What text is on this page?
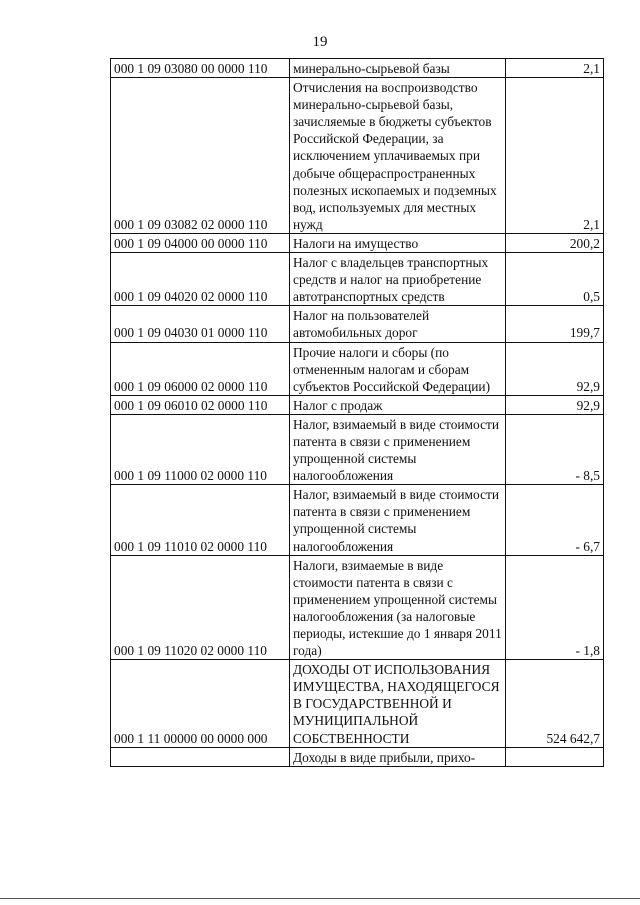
19
000 1 09 03080 00 0000 110	минерально-сырьевой базы	2,1
000 1 09 03082 02 0000 110	Отчисления на воспроизводство минерально-сырьевой базы, зачисляемые в бюджеты субъектов Российской Федерации, за исключением уплачиваемых при добыче общераспространенных полезных ископаемых и подземных вод, используемых для местных нужд	2,1
000 1 09 04000 00 0000 110	Налоги на имущество	200,2
000 1 09 04020 02 0000 110	Налог с владельцев транспортных средств и налог на приобретение автотранспортных средств	0,5
000 1 09 04030 01 0000 110	Налог на пользователей автомобильных дорог	199,7
000 1 09 06000 02 0000 110	Прочие налоги и сборы (по отмененным налогам и сборам субъектов Российской Федерации)	92,9
000 1 09 06010 02 0000 110	Налог с продаж	92,9
000 1 09 11000 02 0000 110	Налог, взимаемый в виде стоимости патента в связи с применением упрощенной системы налогообложения	- 8,5
000 1 09 11010 02 0000 110	Налог, взимаемый в виде стоимости патента в связи с применением упрощенной системы налогообложения	- 6,7
000 1 09 11020 02 0000 110	Налоги, взимаемые в виде стоимости патента в связи с применением упрощенной системы налогообложения (за налоговые периоды, истекшие до 1 января 2011 года)	- 1,8
000 1 11 00000 00 0000 000	ДОХОДЫ ОТ ИСПОЛЬЗОВАНИЯ ИМУЩЕСТВА, НАХОДЯЩЕГОСЯ В ГОСУДАРСТВЕННОЙ И МУНИЦИПАЛЬНОЙ СОБСТВЕННОСТИ	524 642,7
	Доходы в виде прибыли, прихо-	
